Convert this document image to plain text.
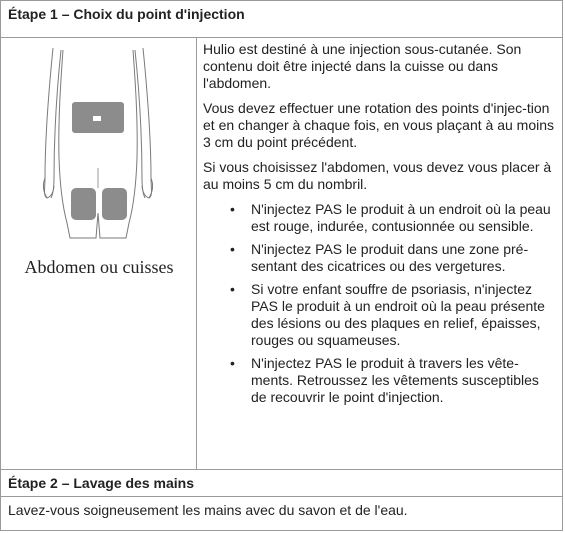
Étape 1 – Choix du point d'injection
Abdomen ou cuisses

Hulio est destiné à une injection sous-cutanée. Son contenu doit être injecté dans la cuisse ou dans l'abdomen.

Vous devez effectuer une rotation des points d'injec-tion et en changer à chaque fois, en vous plaçant à au moins 3 cm du point précédent.

Si vous choisissez l'abdomen, vous devez vous placer à au moins 5 cm du nombril.

• N'injectez PAS le produit à un endroit où la peau est rouge, indurée, contusionnée ou sensible.
• N'injectez PAS le produit dans une zone pré-sentant des cicatrices ou des vergetures.
• Si votre enfant souffre de psoriasis, n'injectez PAS le produit à un endroit où la peau présente des lésions ou des plaques en relief, épaisses, rouges ou squameuses.
• N'injectez PAS le produit à travers les vête-ments. Retroussez les vêtements susceptibles de recouvrir le point d'injection.
Étape 2 – Lavage des mains
Lavez-vous soigneusement les mains avec du savon et de l'eau.
